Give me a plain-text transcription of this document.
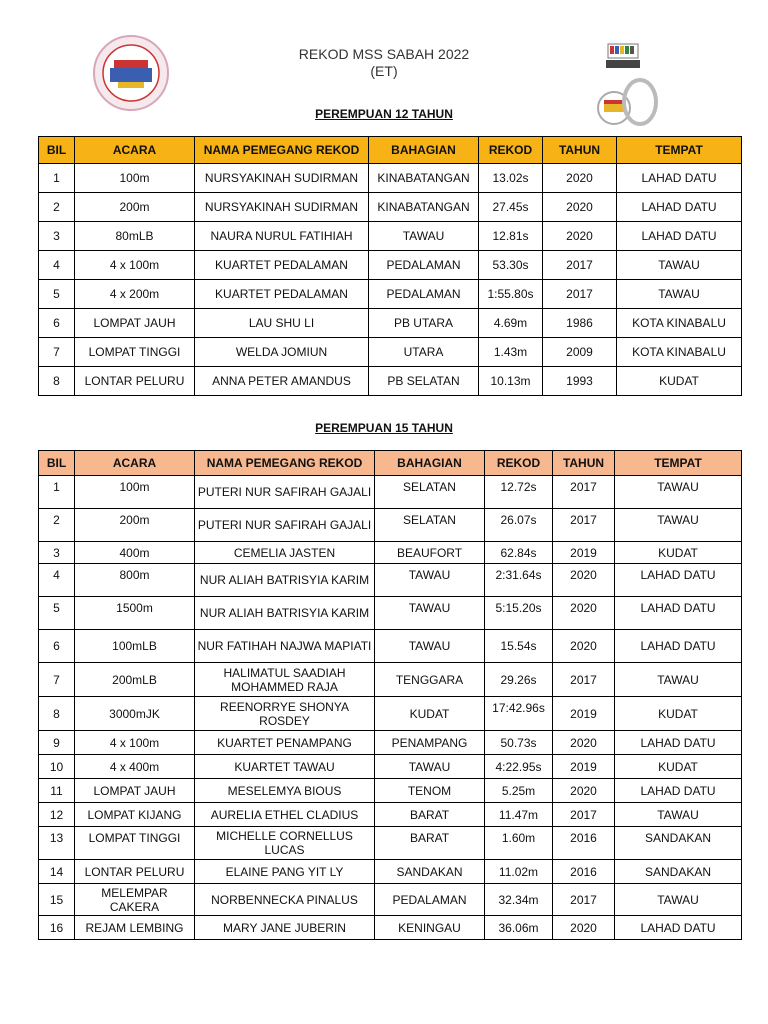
REKOD MSS SABAH 2022
(ET)
PEREMPUAN 12 TAHUN
BIL	ACARA	NAMA PEMEGANG REKOD	BAHAGIAN	REKOD	TAHUN	TEMPAT
1	100m	NURSYAKINAH SUDIRMAN	KINABATANGAN	13.02s	2020	LAHAD DATU
2	200m	NURSYAKINAH SUDIRMAN	KINABATANGAN	27.45s	2020	LAHAD DATU
3	80mLB	NAURA NURUL FATIHIAH	TAWAU	12.81s	2020	LAHAD DATU
4	4 x 100m	KUARTET PEDALAMAN	PEDALAMAN	53.30s	2017	TAWAU
5	4 x 200m	KUARTET PEDALAMAN	PEDALAMAN	1:55.80s	2017	TAWAU
6	LOMPAT JAUH	LAU SHU LI	PB UTARA	4.69m	1986	KOTA KINABALU
7	LOMPAT TINGGI	WELDA JOMIUN	UTARA	1.43m	2009	KOTA KINABALU
8	LONTAR PELURU	ANNA PETER AMANDUS	PB SELATAN	10.13m	1993	KUDAT
PEREMPUAN 15 TAHUN
BIL	ACARA	NAMA PEMEGANG REKOD	BAHAGIAN	REKOD	TAHUN	TEMPAT
1	100m	PUTERI NUR SAFIRAH GAJALI	SELATAN	12.72s	2017	TAWAU
2	200m	PUTERI NUR SAFIRAH GAJALI	SELATAN	26.07s	2017	TAWAU
3	400m	CEMELIA JASTEN	BEAUFORT	62.84s	2019	KUDAT
4	800m	NUR ALIAH BATRISYIA KARIM	TAWAU	2:31.64s	2020	LAHAD DATU
5	1500m	NUR ALIAH BATRISYIA KARIM	TAWAU	5:15.20s	2020	LAHAD DATU
6	100mLB	NUR FATIHAH NAJWA MAPIATI	TAWAU	15.54s	2020	LAHAD DATU
7	200mLB	HALIMATUL SAADIAH MOHAMMED RAJA	TENGGARA	29.26s	2017	TAWAU
8	3000mJK	REENORRYE SHONYA ROSDEY	KUDAT	17:42.96s	2019	KUDAT
9	4 x 100m	KUARTET PENAMPANG	PENAMPANG	50.73s	2020	LAHAD DATU
10	4 x 400m	KUARTET TAWAU	TAWAU	4:22.95s	2019	KUDAT
11	LOMPAT JAUH	MESELEMYA BIOUS	TENOM	5.25m	2020	LAHAD DATU
12	LOMPAT KIJANG	AURELIA ETHEL CLADIUS	BARAT	11.47m	2017	TAWAU
13	LOMPAT TINGGI	MICHELLE CORNELLUS LUCAS	BARAT	1.60m	2016	SANDAKAN
14	LONTAR PELURU	ELAINE PANG YIT LY	SANDAKAN	11.02m	2016	SANDAKAN
15	MELEMPAR CAKERA	NORBENNECKA PINALUS	PEDALAMAN	32.34m	2017	TAWAU
16	REJAM LEMBING	MARY JANE JUBERIN	KENINGAU	36.06m	2020	LAHAD DATU
